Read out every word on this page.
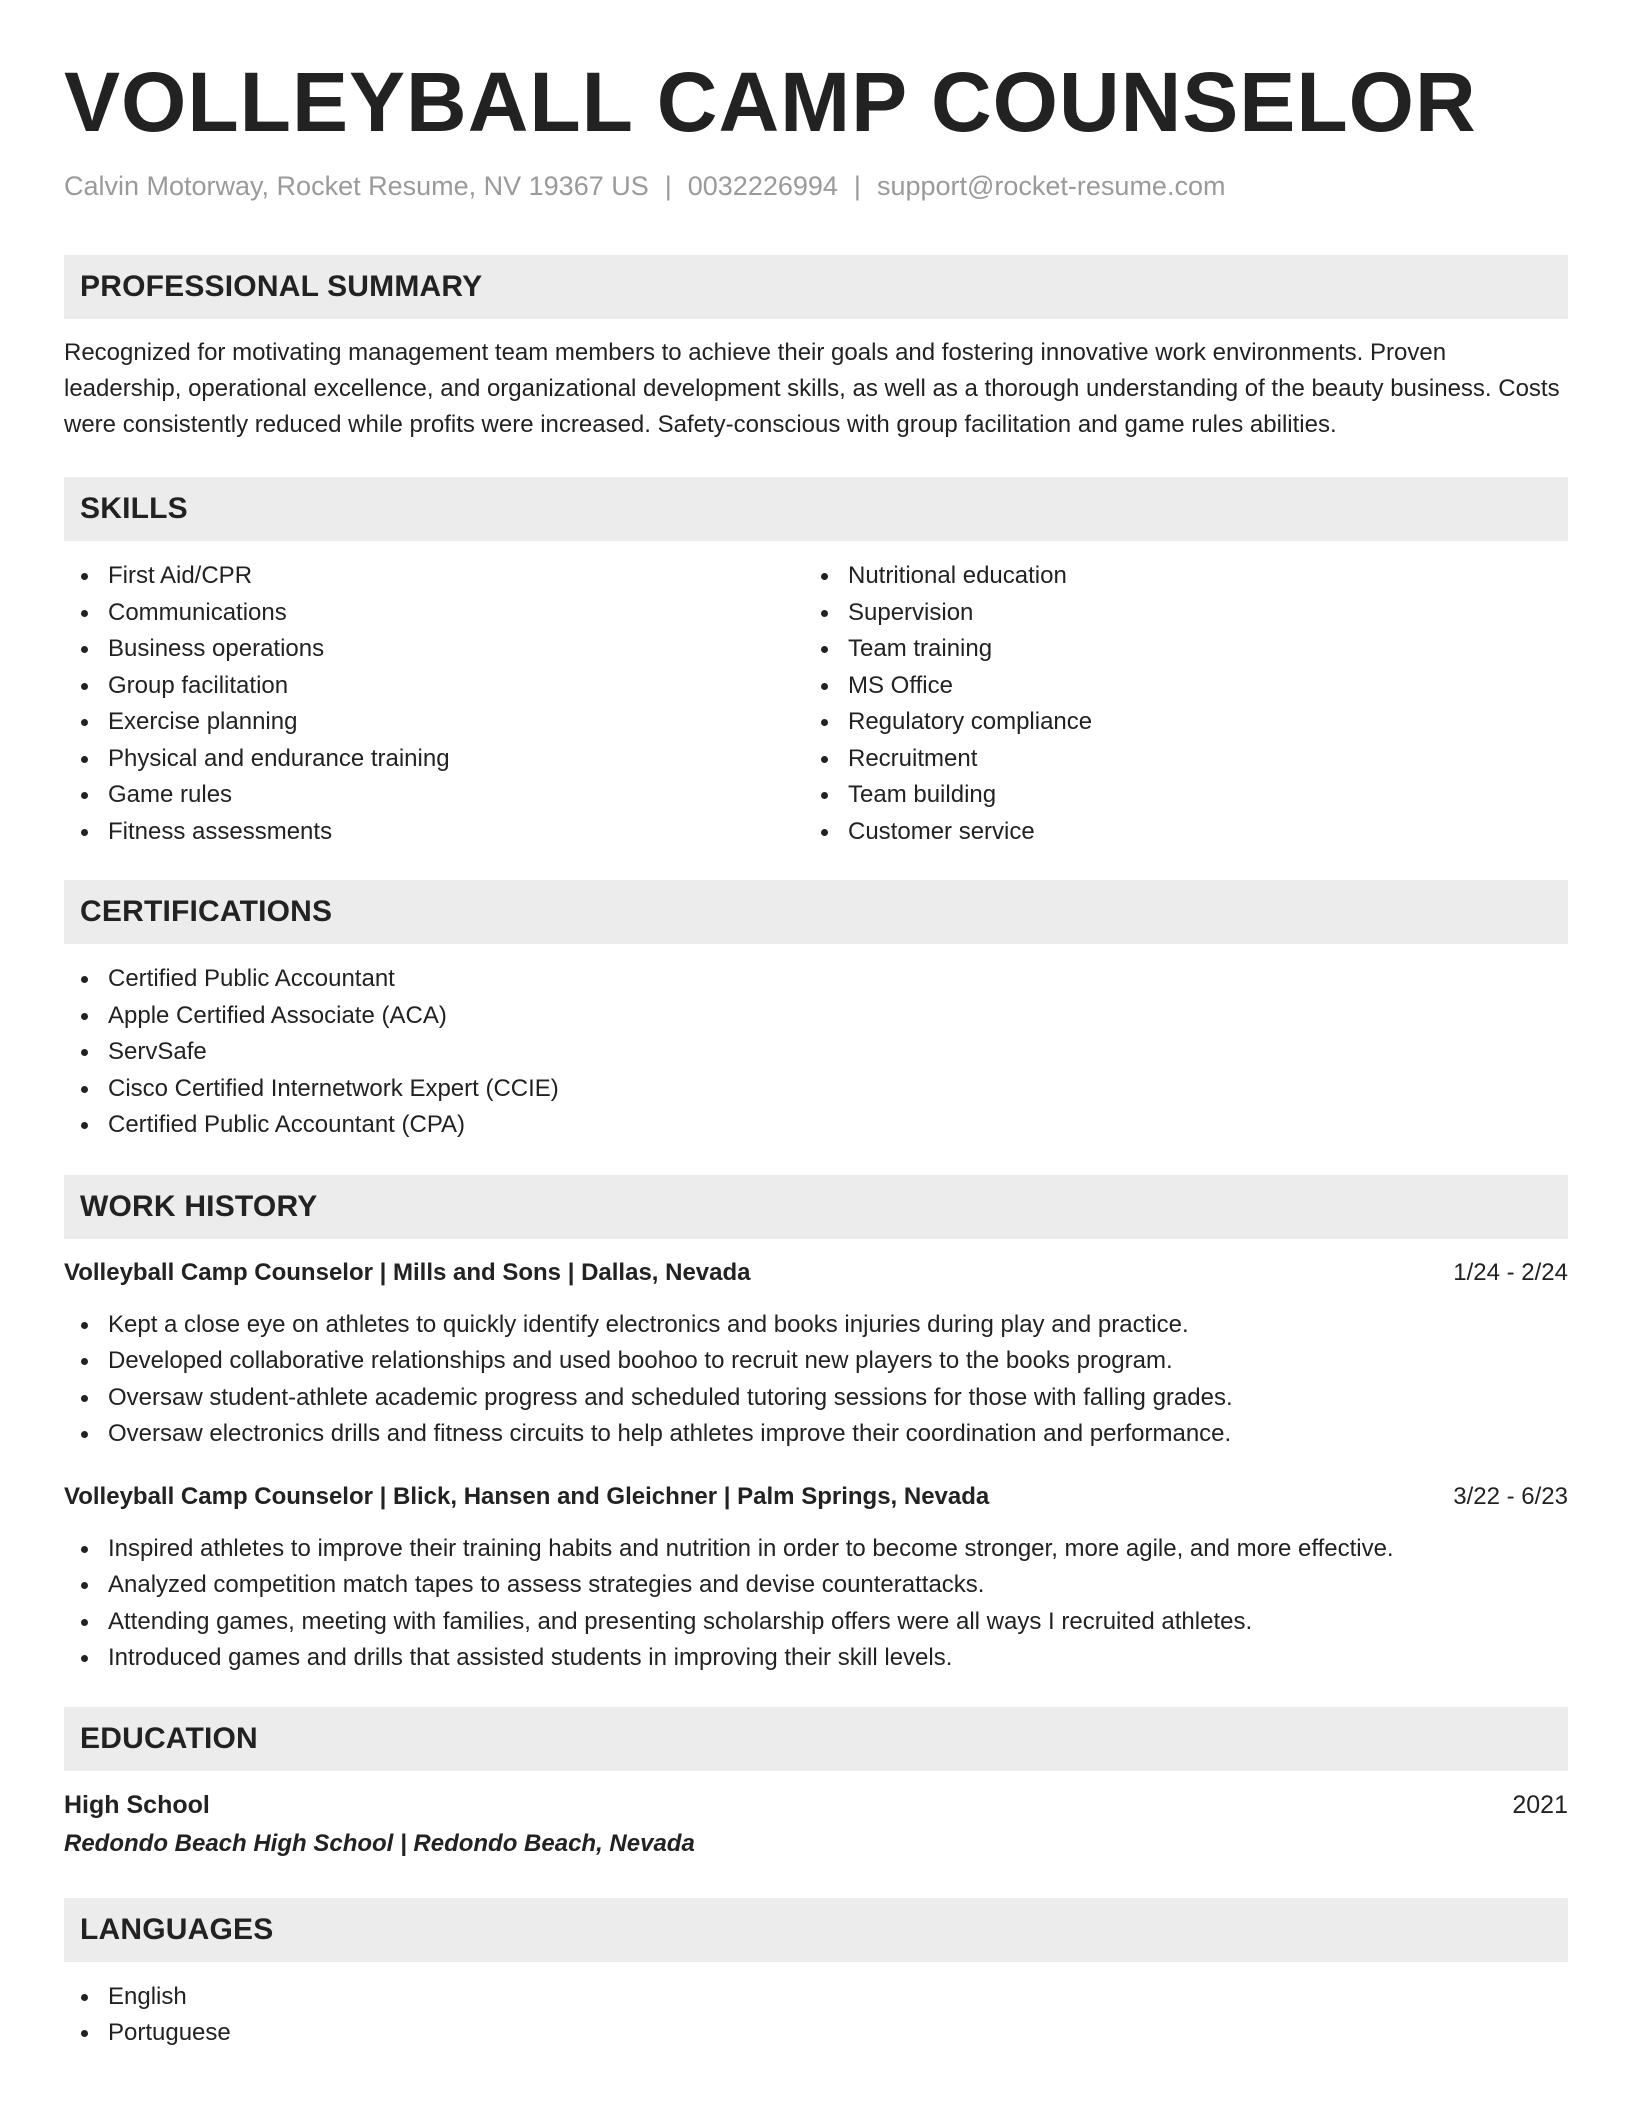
VOLLEYBALL CAMP COUNSELOR
Calvin Motorway, Rocket Resume, NV 19367 US | 0032226994 | support@rocket-resume.com
PROFESSIONAL SUMMARY
Recognized for motivating management team members to achieve their goals and fostering innovative work environments. Proven leadership, operational excellence, and organizational development skills, as well as a thorough understanding of the beauty business. Costs were consistently reduced while profits were increased. Safety-conscious with group facilitation and game rules abilities.
SKILLS
First Aid/CPR
Communications
Business operations
Group facilitation
Exercise planning
Physical and endurance training
Game rules
Fitness assessments
Nutritional education
Supervision
Team training
MS Office
Regulatory compliance
Recruitment
Team building
Customer service
CERTIFICATIONS
Certified Public Accountant
Apple Certified Associate (ACA)
ServSafe
Cisco Certified Internetwork Expert (CCIE)
Certified Public Accountant (CPA)
WORK HISTORY
Volleyball Camp Counselor | Mills and Sons | Dallas, Nevada	1/24 - 2/24
Kept a close eye on athletes to quickly identify electronics and books injuries during play and practice.
Developed collaborative relationships and used boohoo to recruit new players to the books program.
Oversaw student-athlete academic progress and scheduled tutoring sessions for those with falling grades.
Oversaw electronics drills and fitness circuits to help athletes improve their coordination and performance.
Volleyball Camp Counselor | Blick, Hansen and Gleichner | Palm Springs, Nevada	3/22 - 6/23
Inspired athletes to improve their training habits and nutrition in order to become stronger, more agile, and more effective.
Analyzed competition match tapes to assess strategies and devise counterattacks.
Attending games, meeting with families, and presenting scholarship offers were all ways I recruited athletes.
Introduced games and drills that assisted students in improving their skill levels.
EDUCATION
High School	2021
Redondo Beach High School | Redondo Beach, Nevada
LANGUAGES
English
Portuguese
